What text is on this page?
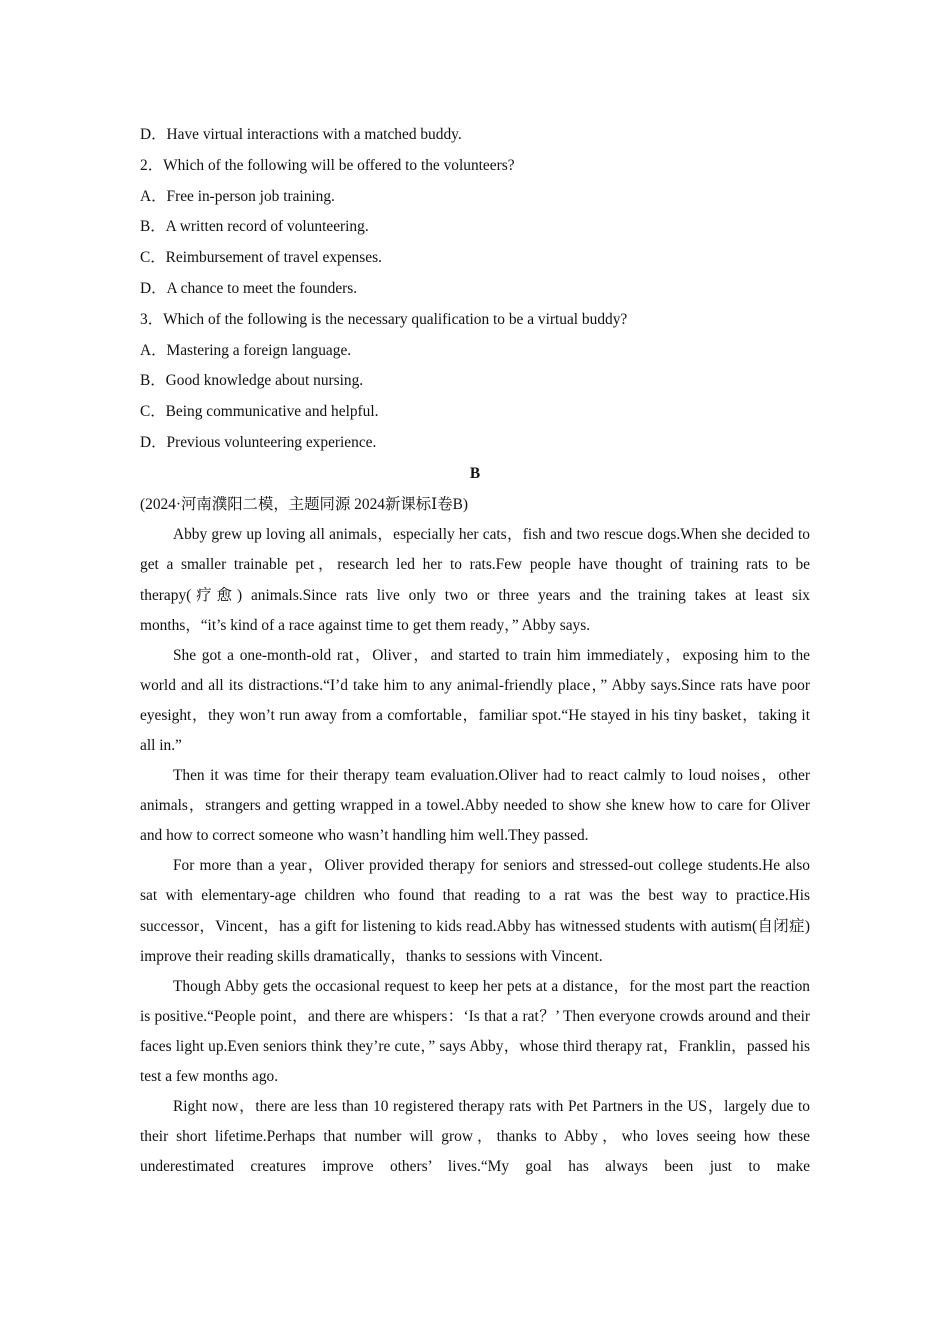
D．Have virtual interactions with a matched buddy.
2．Which of the following will be offered to the volunteers?
A．Free in-person job training.
B．A written record of volunteering.
C．Reimbursement of travel expenses.
D．A chance to meet the founders.
3．Which of the following is the necessary qualification to be a virtual buddy?
A．Mastering a foreign language.
B．Good knowledge about nursing.
C．Being communicative and helpful.
D．Previous volunteering experience.
B
(2024·河南濮阳二模，主题同源 2024新课标Ⅰ卷B)

Abby grew up loving all animals，especially her cats，fish and two rescue dogs.When she decided to get a smaller trainable pet，research led her to rats.Few people have thought of training rats to be therapy(疗愈) animals.Since rats live only two or three years and the training takes at least six months，“it’s kind of a race against time to get them ready，” Abby says.

She got a one-month-old rat，Oliver，and started to train him immediately，exposing him to the world and all its distractions.“I’d take him to any animal-friendly place，” Abby says.Since rats have poor eyesight，they won’t run away from a comfortable，familiar spot.“He stayed in his tiny basket，taking it all in.”

Then it was time for their therapy team evaluation.Oliver had to react calmly to loud noises，other animals，strangers and getting wrapped in a towel.Abby needed to show she knew how to care for Oliver and how to correct someone who wasn’t handling him well.They passed.

For more than a year，Oliver provided therapy for seniors and stressed-out college students.He also sat with elementary-age children who found that reading to a rat was the best way to practice.His successor，Vincent，has a gift for listening to kids read.Abby has witnessed students with autism(自闭症) improve their reading skills dramatically，thanks to sessions with Vincent.

Though Abby gets the occasional request to keep her pets at a distance，for the most part the reaction is positive.“People point，and there are whispers：‘Is that a rat？’ Then everyone crowds around and their faces light up.Even seniors think they’re cute，” says Abby，whose third therapy rat，Franklin，passed his test a few months ago.

Right now，there are less than 10 registered therapy rats with Pet Partners in the US，largely due to their short lifetime.Perhaps that number will grow，thanks to Abby，who loves seeing how these underestimated creatures improve others’ lives.“My goal has always been just to make
